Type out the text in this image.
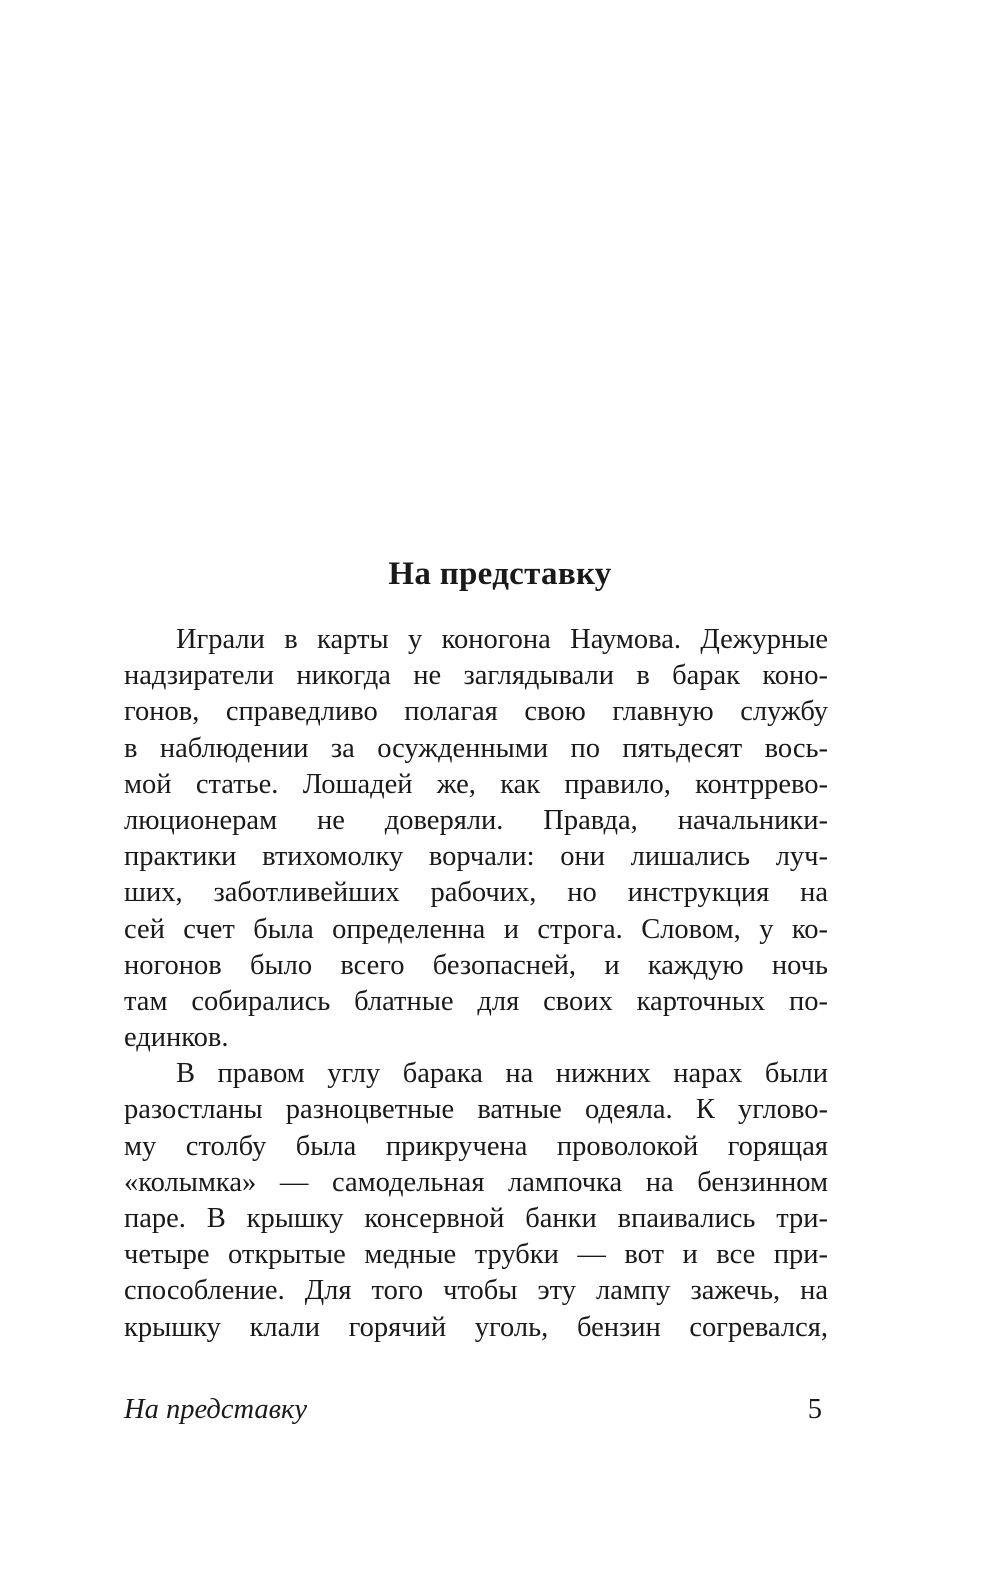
На представку
Играли в карты у коногона Наумова. Дежурные
надзиратели никогда не заглядывали в барак коно-
гонов, справедливо полагая свою главную службу
в наблюдении за осужденными по пятьдесят вось-
мой статье. Лошадей же, как правило, контррево-
люционерам не доверяли. Правда, начальники-
практики втихомолку ворчали: они лишались луч-
ших, заботливейших рабочих, но инструкция на
сей счет была определенна и строга. Словом, у ко-
ногонов было всего безопасней, и каждую ночь
там собирались блатные для своих карточных по-
единков.
В правом углу барака на нижних нарах были
разостланы разноцветные ватные одеяла. К углово-
му столбу была прикручена проволокой горящая
«колымка» — самодельная лампочка на бензинном
паре. В крышку консервной банки впаивались три-
четыре открытые медные трубки — вот и все при-
способление. Для того чтобы эту лампу зажечь, на
крышку клали горячий уголь, бензин согревался,
На представку	5
